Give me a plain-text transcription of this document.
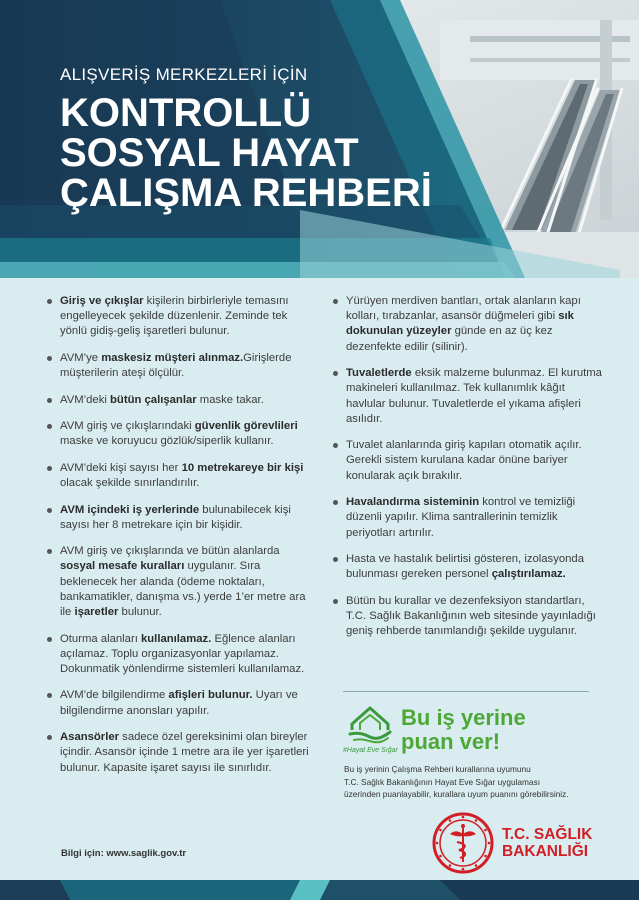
ALIŞVERİŞ MERKEZLERİ İÇİN
KONTROLLÜ
SOSYAL HAYAT
ÇALIŞMA REHBERİ
Giriş ve çıkışlar kişilerin birbirleriyle temasını engelleyecek şekilde düzenlenir. Zeminde tek yönlü gidiş-geliş işaretleri bulunur.
AVM’ye maskesiz müşteri alınmaz.Girişlerde müşterilerin ateşi ölçülür.
AVM’deki bütün çalışanlar maske takar.
AVM giriş ve çıkışlarındaki güvenlik görevlileri maske ve koruyucu gözlük/siperlik kullanır.
AVM’deki kişi sayısı her 10 metrekareye bir kişi olacak şekilde sınırlandırılır.
AVM içindeki iş yerlerinde bulunabilecek kişi sayısı her 8 metrekare için bir kişidir.
AVM giriş ve çıkışlarında ve bütün alanlarda sosyal mesafe kuralları uygulanır. Sıra beklenecek her alanda (ödeme noktaları, bankamatikler, danışma vs.) yerde 1’er metre ara ile işaretler bulunur.
Oturma alanları kullanılamaz. Eğlence alanları açılamaz. Toplu organizasyonlar yapılamaz. Dokunmatik yönlendirme sistemleri kullanılamaz.
AVM’de bilgilendirme afişleri bulunur. Uyarı ve bilgilendirme anonsları yapılır.
Asansörler sadece özel gereksinimi olan bireyler içindir. Asansör içinde 1 metre ara ile yer işaretleri bulunur. Kapasite işaret sayısı ile sınırlıdır.
Yürüyen merdiven bantları, ortak alanların kapı kolları, tırabzanlar, asansör düğmeleri gibi sık dokunulan yüzeyler günde en az üç kez dezenfekte edilir (silinir).
Tuvaletlerde eksik malzeme bulunmaz. El kurutma makineleri kullanılmaz. Tek kullanımlık kâğıt havlular bulunur. Tuvaletlerde el yıkama afişleri asılıdır.
Tuvalet alanlarında giriş kapıları otomatik açılır. Gerekli sistem kurulana kadar önüne bariyer konularak açık bırakılır.
Havalandırma sisteminin kontrol ve temizliği düzenli yapılır. Klima santrallerinin temizlik periyotları artırılır.
Hasta ve hastalık belirtisi gösteren, izolasyonda bulunması gereken personel çalıştırılamaz.
Bütün bu kurallar ve dezenfeksiyon standartları, T.C. Sağlık Bakanlığının web sitesinde yayınladığı geniş rehberde tanımlandığı şekilde uygulanır.
#Hayat Eve Sığar
Bu iş yerine
puan ver!
Bu iş yerinin Çalışma Rehberi kurallarına uyumunu
T.C. Sağlık Bakanlığının Hayat Eve Sığar uygulaması
üzerinden puanlayabilir, kurallara uyum puanını görebilirsiniz.
T.C. SAĞLIK
BAKANLIĞI
Bilgi için: www.saglik.gov.tr
